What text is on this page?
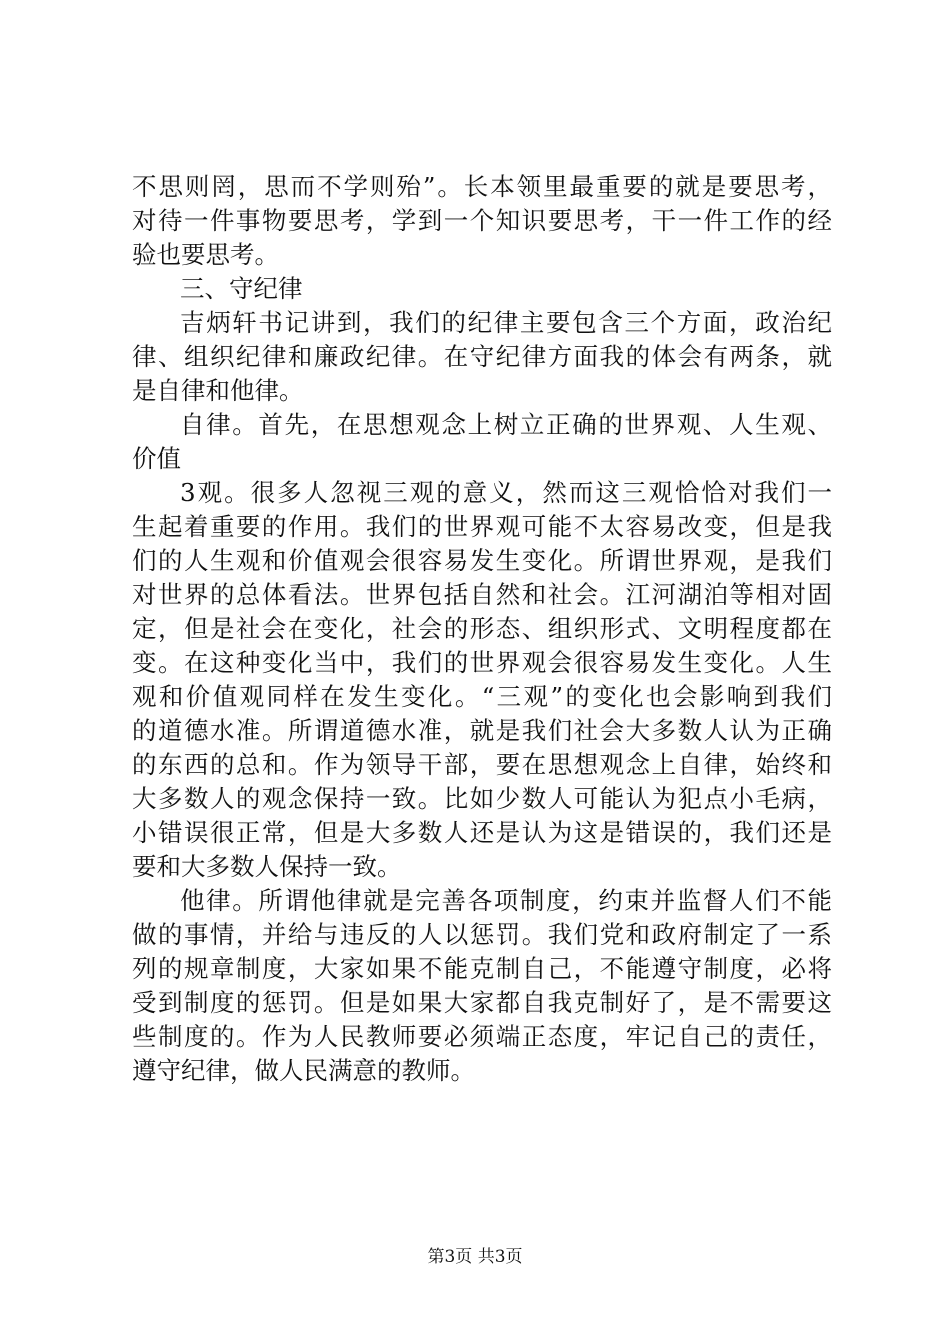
不思则罔，思而不学则殆”。长本领里最重要的就是要思考，
对待一件事物要思考，学到一个知识要思考，干一件工作的经
验也要思考。
三、守纪律
吉炳轩书记讲到，我们的纪律主要包含三个方面，政治纪
律、组织纪律和廉政纪律。在守纪律方面我的体会有两条，就
是自律和他律。
自律。首先，在思想观念上树立正确的世界观、人生观、
价值
3观。很多人忽视三观的意义，然而这三观恰恰对我们一
生起着重要的作用。我们的世界观可能不太容易改变，但是我
们的人生观和价值观会很容易发生变化。所谓世界观，是我们
对世界的总体看法。世界包括自然和社会。江河湖泊等相对固
定，但是社会在变化，社会的形态、组织形式、文明程度都在
变。在这种变化当中，我们的世界观会很容易发生变化。人生
观和价值观同样在发生变化。“三观”的变化也会影响到我们
的道德水准。所谓道德水准，就是我们社会大多数人认为正确
的东西的总和。作为领导干部，要在思想观念上自律，始终和
大多数人的观念保持一致。比如少数人可能认为犯点小毛病，
小错误很正常，但是大多数人还是认为这是错误的，我们还是
要和大多数人保持一致。
他律。所谓他律就是完善各项制度，约束并监督人们不能
做的事情，并给与违反的人以惩罚。我们党和政府制定了一系
列的规章制度，大家如果不能克制自己，不能遵守制度，必将
受到制度的惩罚。但是如果大家都自我克制好了，是不需要这
些制度的。作为人民教师要必须端正态度，牢记自己的责任，
遵守纪律，做人民满意的教师。
第3页 共3页
